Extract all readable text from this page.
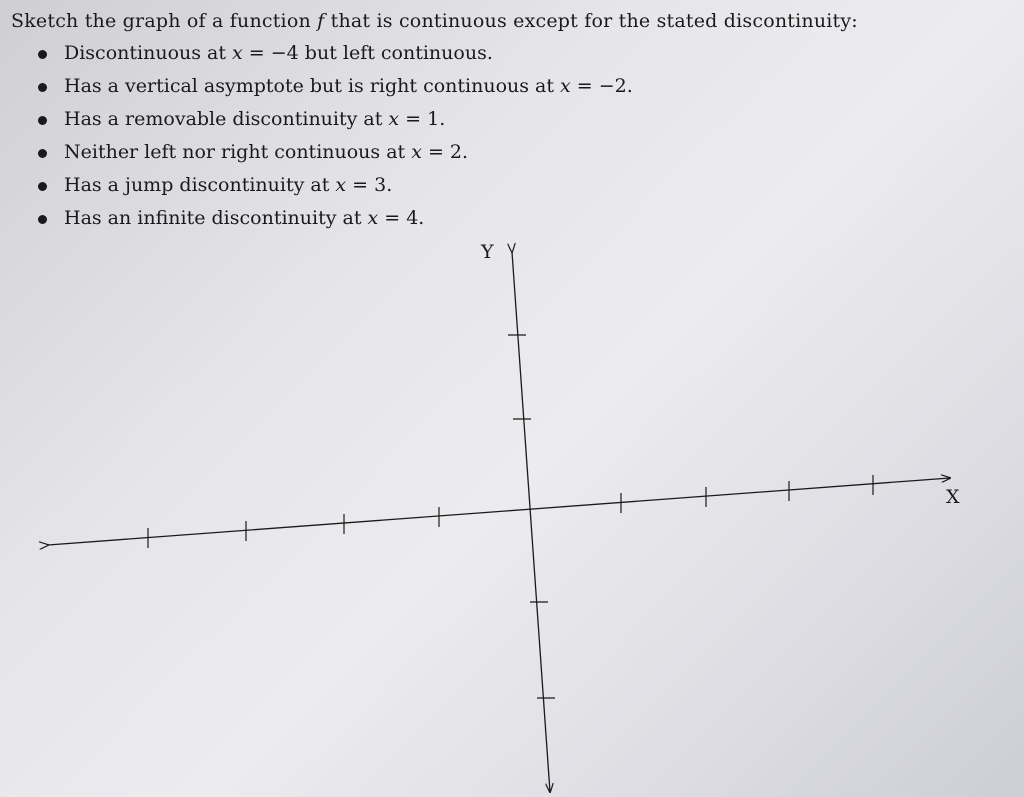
Sketch the graph of a function f that is continuous except for the stated discontinuity:
Discontinuous at x = −4 but left continuous.
Has a vertical asymptote but is right continuous at x = −2.
Has a removable discontinuity at x = 1.
Neither left nor right continuous at x = 2.
Has a jump discontinuity at x = 3.
Has an infinite discontinuity at x = 4.
X
Y
